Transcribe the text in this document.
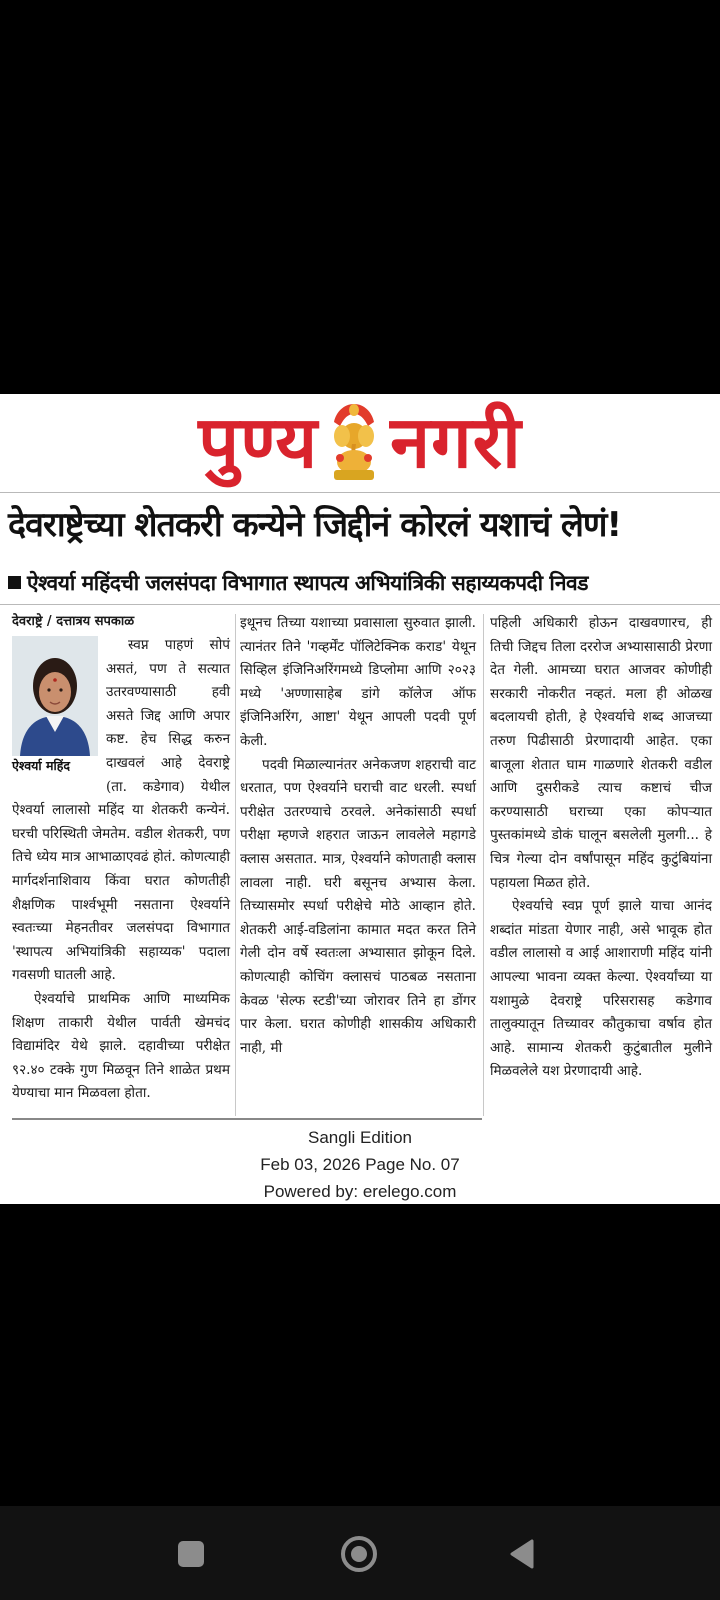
पुण्य नगरी
देवराष्ट्रेच्या शेतकरी कन्येने जिद्दीनं कोरलं यशाचं लेणं!
ऐश्वर्या महिंदची जलसंपदा विभागात स्थापत्य अभियांत्रिकी सहाय्यकपदी निवड
देवराष्ट्रे / दत्तात्रय सपकाळ
ऐश्वर्या महिंद

स्वप्न पाहणं सोपं असतं, पण ते सत्यात उतरवण्यासाठी हवी असते जिद्द आणि अपार कष्ट. हेच सिद्ध करुन दाखवलं आहे देवराष्ट्रे (ता. कडेगाव) येथील ऐश्वर्या लालासो महिंद या शेतकरी कन्येनं. घरची परिस्थिती जेमतेम. वडील शेतकरी, पण तिचे ध्येय मात्र आभाळाएवढं होतं. कोणत्याही मार्गदर्शनाशिवाय किंवा घरात कोणतीही शैक्षणिक पार्श्वभूमी नसताना ऐश्वर्याने स्वतःच्या मेहनतीवर जलसंपदा विभागात 'स्थापत्य अभियांत्रिकी सहाय्यक' पदाला गवसणी घातली आहे.

ऐश्वर्याचे प्राथमिक आणि माध्यमिक शिक्षण ताकारी येथील पार्वती खेमचंद विद्यामंदिर येथे झाले. दहावीच्या परीक्षेत ९२.४० टक्के गुण मिळवून तिने शाळेत प्रथम येण्याचा मान मिळवला होता.

इथूनच तिच्या यशाच्या प्रवासाला सुरुवात झाली. त्यानंतर तिने 'गव्हर्मेंट पॉलिटेक्निक कराड' येथून सिव्हिल इंजिनिअरिंगमध्ये डिप्लोमा आणि २०२३ मध्ये 'अण्णासाहेब डांगे कॉलेज ऑफ इंजिनिअरिंग, आष्टा' येथून आपली पदवी पूर्ण केली.

पदवी मिळाल्यानंतर अनेकजण शहराची वाट धरतात, पण ऐश्वर्याने घराची वाट धरली. स्पर्धा परीक्षेत उतरण्याचे ठरवले. अनेकांसाठी स्पर्धा परीक्षा म्हणजे शहरात जाऊन लावलेले महागडे क्लास असतात. मात्र, ऐश्वर्याने कोणताही क्लास लावला नाही. घरी बसूनच अभ्यास केला. तिच्यासमोर स्पर्धा परीक्षेचे मोठे आव्हान होते. शेतकरी आई-वडिलांना कामात मदत करत तिने गेली दोन वर्षे स्वतःला अभ्यासात झोकून दिले. कोणत्याही कोचिंग क्लासचं पाठबळ नसताना केवळ 'सेल्फ स्टडी'च्या जोरावर तिने हा डोंगर पार केला. घरात कोणीही शासकीय अधिकारी नाही, मी

पहिली अधिकारी होऊन दाखवणारच, ही तिची जिद्दच तिला दररोज अभ्यासासाठी प्रेरणा देत गेली. आमच्या घरात आजवर कोणीही सरकारी नोकरीत नव्हतं. मला ही ओळख बदलायची होती, हे ऐश्वर्याचे शब्द आजच्या तरुण पिढीसाठी प्रेरणादायी आहेत. एका बाजूला शेतात घाम गाळणारे शेतकरी वडील आणि दुसरीकडे त्याच कष्टाचं चीज करण्यासाठी घराच्या एका कोपऱ्यात पुस्तकांमध्ये डोकं घालून बसलेली मुलगी... हे चित्र गेल्या दोन वर्षांपासून महिंद कुटुंबियांना पहायला मिळत होते.

ऐश्वर्याचे स्वप्न पूर्ण झाले याचा आनंद शब्दांत मांडता येणार नाही, असे भावूक होत वडील लालासो व आई आशाराणी महिंद यांनी आपल्या भावना व्यक्त केल्या. ऐश्वर्यांच्या या यशामुळे देवराष्ट्रे परिसरासह कडेगाव तालुक्यातून तिच्यावर कौतुकाचा वर्षाव होत आहे. सामान्य शेतकरी कुटुंबातील मुलीने मिळवलेले यश प्रेरणादायी आहे.

Sangli Edition
Feb 03, 2026 Page No. 07
Powered by: erelego.com
